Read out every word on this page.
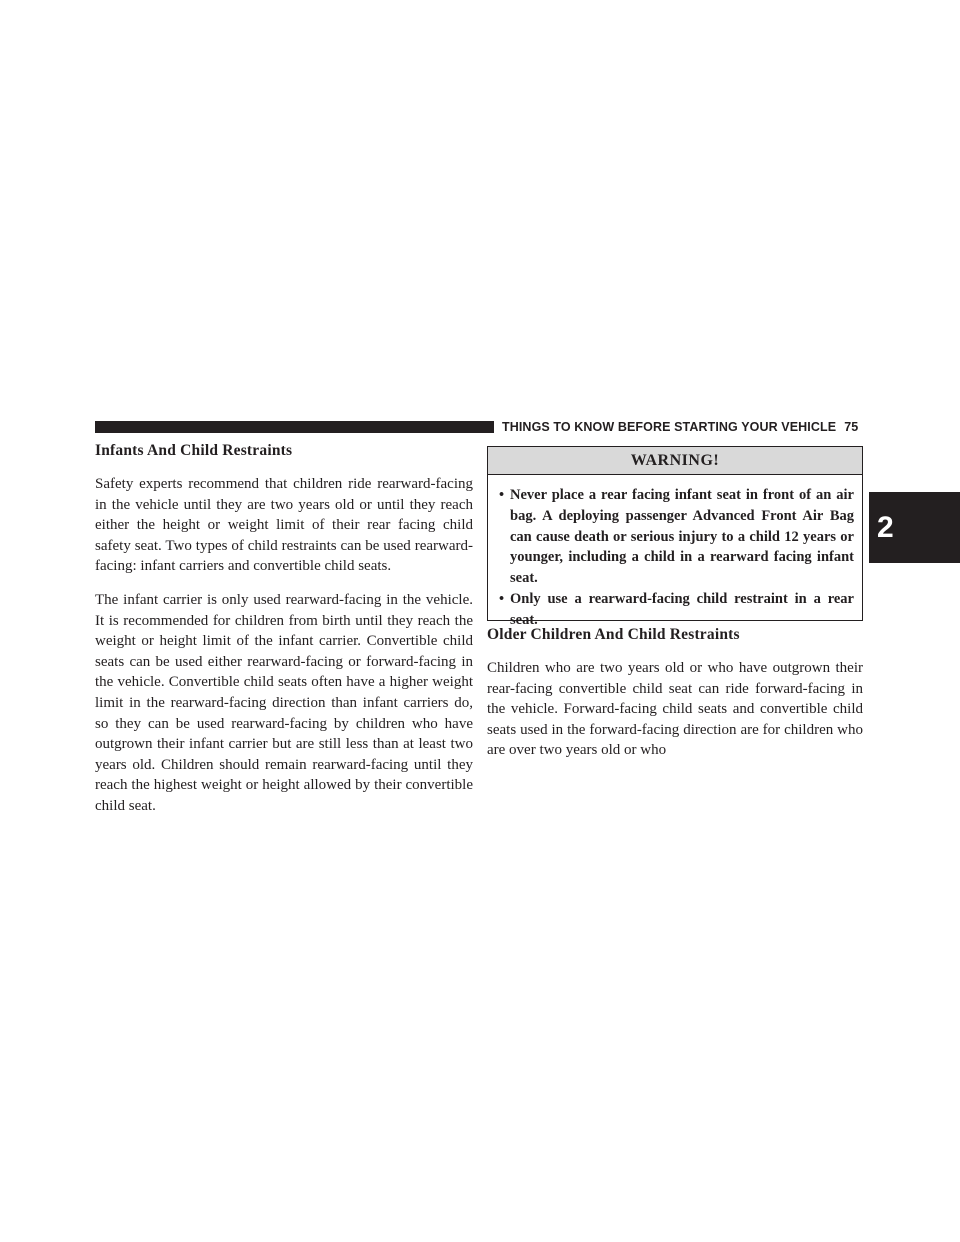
THINGS TO KNOW BEFORE STARTING YOUR VEHICLE 75
2
Infants And Child Restraints

Safety experts recommend that children ride rearward-facing in the vehicle until they are two years old or until they reach either the height or weight limit of their rear facing child safety seat. Two types of child restraints can be used rearward-facing: infant carriers and convertible child seats.

The infant carrier is only used rearward-facing in the vehicle. It is recommended for children from birth until they reach the weight or height limit of the infant carrier. Convertible child seats can be used either rearward-facing or forward-facing in the vehicle. Convertible child seats often have a higher weight limit in the rearward-facing direction than infant carriers do, so they can be used rearward-facing by children who have outgrown their infant carrier but are still less than at least two years old. Children should remain rearward-facing until they reach the highest weight or height allowed by their convertible child seat.

WARNING!
• Never place a rear facing infant seat in front of an air bag. A deploying passenger Advanced Front Air Bag can cause death or serious injury to a child 12 years or younger, including a child in a rearward facing infant seat.
• Only use a rearward-facing child restraint in a rear seat.
Older Children And Child Restraints

Children who are two years old or who have outgrown their rear-facing convertible child seat can ride forward-facing in the vehicle. Forward-facing child seats and convertible child seats used in the forward-facing direction are for children who are over two years old or who
